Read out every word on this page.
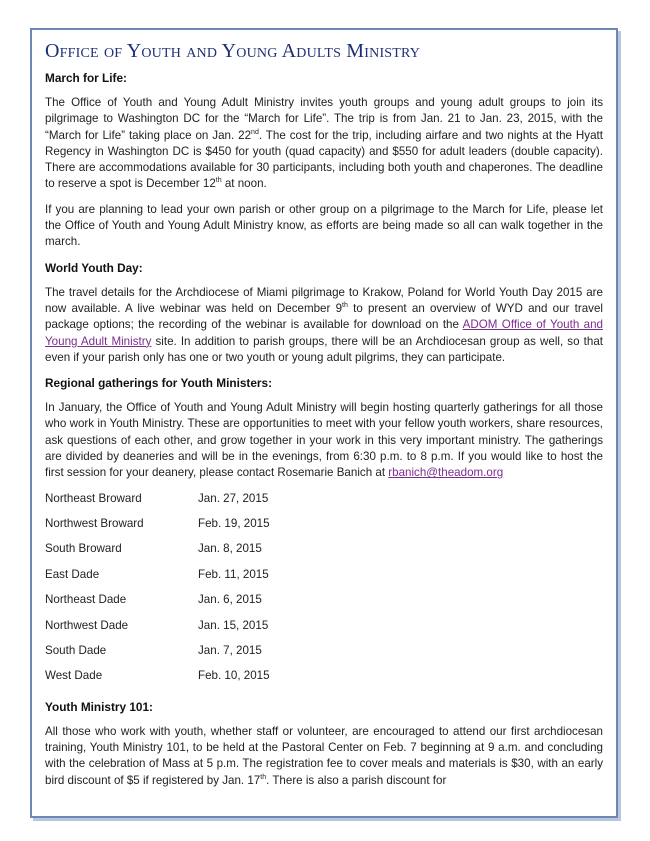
Office of Youth and Young Adults Ministry
March for Life:

The Office of Youth and Young Adult Ministry invites youth groups and young adult groups to join its pilgrimage to Washington DC for the “March for Life”. The trip is from Jan. 21 to Jan. 23, 2015, with the “March for Life” taking place on Jan. 22nd. The cost for the trip, including airfare and two nights at the Hyatt Regency in Washington DC is $450 for youth (quad capacity) and $550 for adult leaders (double capacity). There are accommodations available for 30 participants, including both youth and chaperones. The deadline to reserve a spot is December 12th at noon.

If you are planning to lead your own parish or other group on a pilgrimage to the March for Life, please let the Office of Youth and Young Adult Ministry know, as efforts are being made so all can walk together in the march.

World Youth Day:

The travel details for the Archdiocese of Miami pilgrimage to Krakow, Poland for World Youth Day 2015 are now available. A live webinar was held on December 9th to present an overview of WYD and our travel package options; the recording of the webinar is available for download on the ADOM Office of Youth and Young Adult Ministry site. In addition to parish groups, there will be an Archdiocesan group as well, so that even if your parish only has one or two youth or young adult pilgrims, they can participate.

Regional gatherings for Youth Ministers:

In January, the Office of Youth and Young Adult Ministry will begin hosting quarterly gatherings for all those who work in Youth Ministry. These are opportunities to meet with your fellow youth workers, share resources, ask questions of each other, and grow together in your work in this very important ministry. The gatherings are divided by deaneries and will be in the evenings, from 6:30 p.m. to 8 p.m. If you would like to host the first session for your deanery, please contact Rosemarie Banich at rbanich@theadom.org

Northeast Broward	Jan. 27, 2015
Northwest Broward	Feb. 19, 2015
South Broward	Jan. 8, 2015
East Dade	Feb. 11, 2015
Northeast Dade	Jan. 6, 2015
Northwest Dade	Jan. 15, 2015
South Dade	Jan. 7, 2015
West Dade	Feb. 10, 2015
Youth Ministry 101:

All those who work with youth, whether staff or volunteer, are encouraged to attend our first archdiocesan training, Youth Ministry 101, to be held at the Pastoral Center on Feb. 7 beginning at 9 a.m. and concluding with the celebration of Mass at 5 p.m. The registration fee to cover meals and materials is $30, with an early bird discount of $5 if registered by Jan. 17th. There is also a parish discount for
